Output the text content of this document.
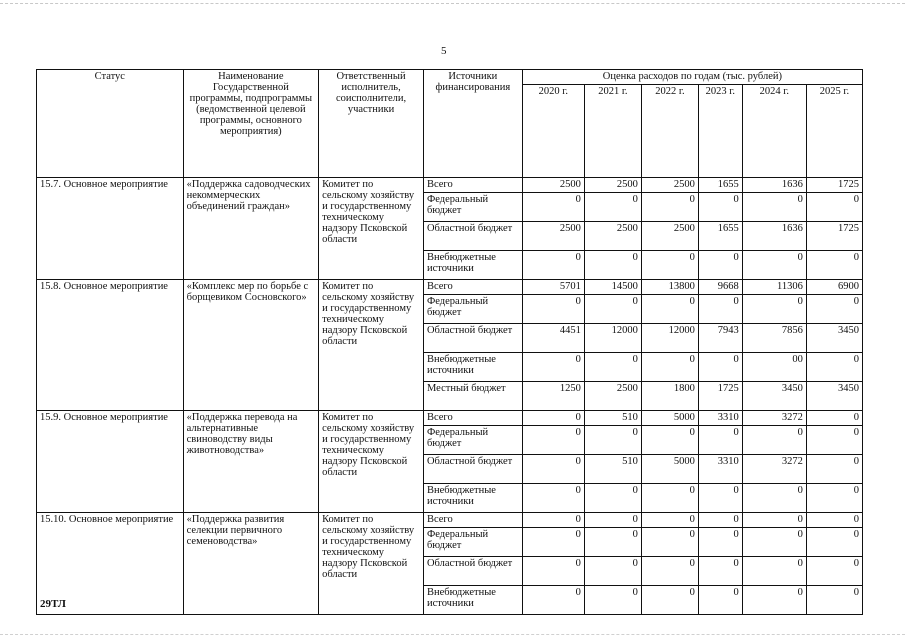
5
Статус	Наименование Государственной программы, подпрограммы (ведомственной целевой программы, основного мероприятия)	Ответственный исполнитель, соисполнители, участники	Источники финансирования	Оценка расходов по годам (тыс. рублей)					
				2020 г.	2021 г.	2022 г.	2023 г.	2024 г.	2025 г.
15.7. Основное мероприятие	«Поддержка садоводческих некоммерческих объединений граждан»	Комитет по сельскому хозяйству и государственному техническому надзору Псковской области	Всего	2500	2500	2500	1655	1636	1725
			Федеральный бюджет	0	0	0	0	0	0
			Областной бюджет	2500	2500	2500	1655	1636	1725
			Внебюджетные источники	0	0	0	0	0	0
15.8. Основное мероприятие	«Комплекс мер по борьбе с борщевиком Сосновского»	Комитет по сельскому хозяйству и государственному техническому надзору Псковской области	Всего	5701	14500	13800	9668	11306	6900
			Федеральный бюджет	0	0	0	0	0	0
			Областной бюджет	4451	12000	12000	7943	7856	3450
			Внебюджетные источники	0	0	0	0	00	0
			Местный бюджет	1250	2500	1800	1725	3450	3450
15.9. Основное мероприятие	«Поддержка перевода на альтернативные свиноводству виды животноводства»	Комитет по сельскому хозяйству и государственному техническому надзору Псковской области	Всего	0	510	5000	3310	3272	0
			Федеральный бюджет	0	0	0	0	0	0
			Областной бюджет	0	510	5000	3310	3272	0
			Внебюджетные источники	0	0	0	0	0	0
15.10. Основное мероприятие	«Поддержка развития селекции первичного семеноводства»	Комитет по сельскому хозяйству и государственному техническому надзору Псковской области	Всего	0	0	0	0	0	0
			Федеральный бюджет	0	0	0	0	0	0
			Областной бюджет	0	0	0	0	0	0
			Внебюджетные источники	0	0	0	0	0	0
29ТЛ
